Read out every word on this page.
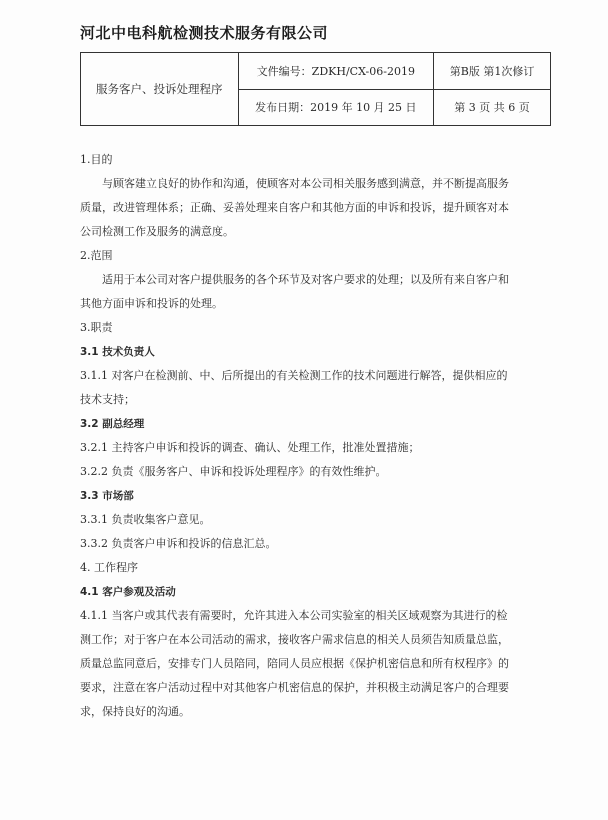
河北中电科航检测技术服务有限公司
服务客户、投诉处理程序	文件编号：ZDKH/CX-06-2019	第B版 第1次修订
	发布日期：2019 年 10 月 25 日	第 3 页 共 6 页
1.目的
与顾客建立良好的协作和沟通，使顾客对本公司相关服务感到满意，并不断提高服务
质量，改进管理体系；正确、妥善处理来自客户和其他方面的申诉和投诉，提升顾客对本
公司检测工作及服务的满意度。
2.范围
适用于本公司对客户提供服务的各个环节及对客户要求的处理；以及所有来自客户和
其他方面申诉和投诉的处理。
3.职责
3.1 技术负责人
3.1.1 对客户在检测前、中、后所提出的有关检测工作的技术问题进行解答，提供相应的
技术支持；
3.2 副总经理
3.2.1 主持客户申诉和投诉的调查、确认、处理工作，批准处置措施；
3.2.2 负责《服务客户、申诉和投诉处理程序》的有效性维护。
3.3 市场部
3.3.1 负责收集客户意见。
3.3.2 负责客户申诉和投诉的信息汇总。
4. 工作程序
4.1 客户参观及活动
4.1.1 当客户或其代表有需要时，允许其进入本公司实验室的相关区域观察为其进行的检
测工作；对于客户在本公司活动的需求，接收客户需求信息的相关人员须告知质量总监，
质量总监同意后，安排专门人员陪同，陪同人员应根据《保护机密信息和所有权程序》的
要求，注意在客户活动过程中对其他客户机密信息的保护，并积极主动满足客户的合理要
求，保持良好的沟通。
